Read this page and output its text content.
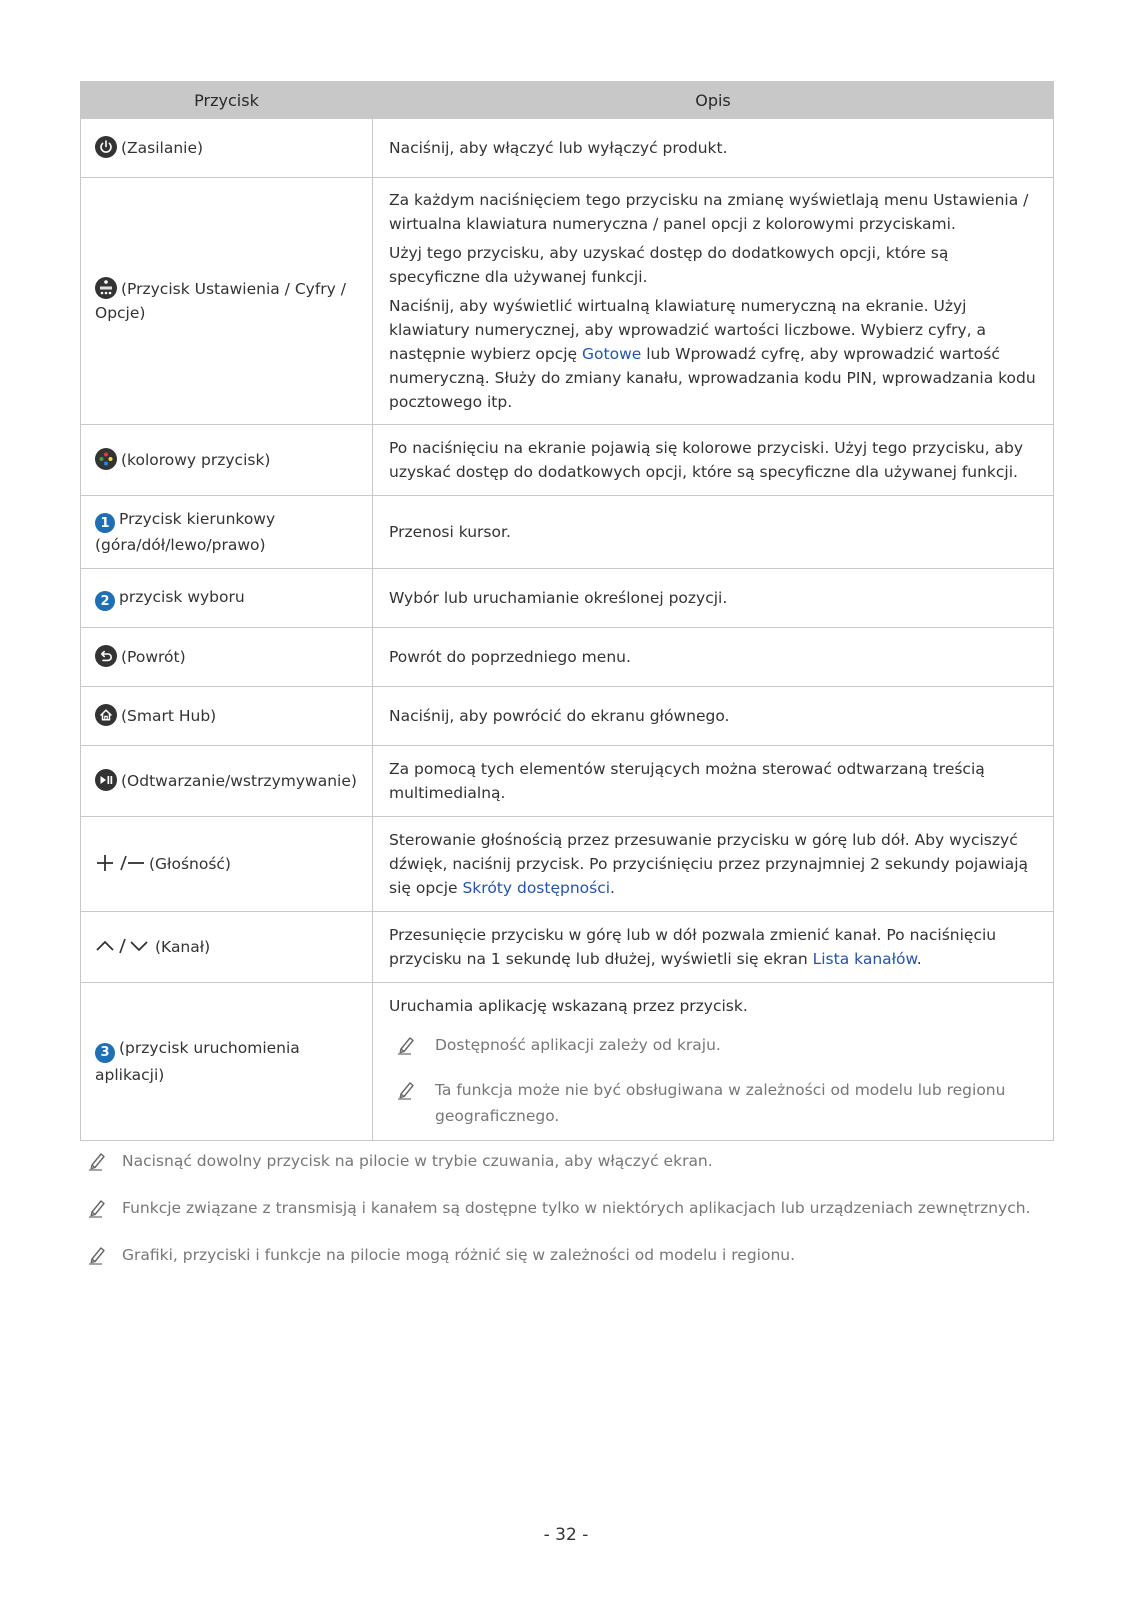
Przycisk	Opis

(Zasilanie)	Naciśnij, aby włączyć lub wyłączyć produkt.

(Przycisk Ustawienia / Cyfry / Opcje)	Za każdym naciśnięciem tego przycisku na zmianę wyświetlają menu Ustawienia / wirtualna klawiatura numeryczna / panel opcji z kolorowymi przyciskami.

Użyj tego przycisku, aby uzyskać dostęp do dodatkowych opcji, które są specyficzne dla używanej funkcji.

Naciśnij, aby wyświetlić wirtualną klawiaturę numeryczną na ekranie. Użyj klawiatury numerycznej, aby wprowadzić wartości liczbowe. Wybierz cyfry, a następnie wybierz opcję Gotowe lub Wprowadź cyfrę, aby wprowadzić wartość numeryczną. Służy do zmiany kanału, wprowadzania kodu PIN, wprowadzania kodu pocztowego itp.

(kolorowy przycisk)	Po naciśnięciu na ekranie pojawią się kolorowe przyciski. Użyj tego przycisku, aby uzyskać dostęp do dodatkowych opcji, które są specyficzne dla używanej funkcji.
1 Przycisk kierunkowy (góra/dół/lewo/prawo)	Przenosi kursor.
2 przycisk wyboru	Wybór lub uruchamianie określonej pozycji.

(Powrót)	Powrót do poprzedniego menu.

(Smart Hub)	Naciśnij, aby powrócić do ekranu głównego.

(Odtwarzanie/wstrzymywanie)	Za pomocą tych elementów sterujących można sterować odtwarzaną treścią multimedialną.

(Głośność)	Sterowanie głośnością przez przesuwanie przycisku w górę lub dół. Aby wyciszyć dźwięk, naciśnij przycisk. Po przyciśnięciu przez przynajmniej 2 sekundy pojawiają się opcje Skróty dostępności.

(Kanał)	Przesunięcie przycisku w górę lub w dół pozwala zmienić kanał. Po naciśnięciu przycisku na 1 sekundę lub dłużej, wyświetli się ekran Lista kanałów.
3 (przycisk uruchomienia aplikacji)	Uruchamia aplikację wskazaną przez przycisk.

Dostępność aplikacji zależy od kraju.
Ta funkcja może nie być obsługiwana w zależności od modelu lub regionu geograficznego.
Nacisnąć dowolny przycisk na pilocie w trybie czuwania, aby włączyć ekran.
Funkcje związane z transmisją i kanałem są dostępne tylko w niektórych aplikacjach lub urządzeniach zewnętrznych.
Grafiki, przyciski i funkcje na pilocie mogą różnić się w zależności od modelu i regionu.
- 32 -
